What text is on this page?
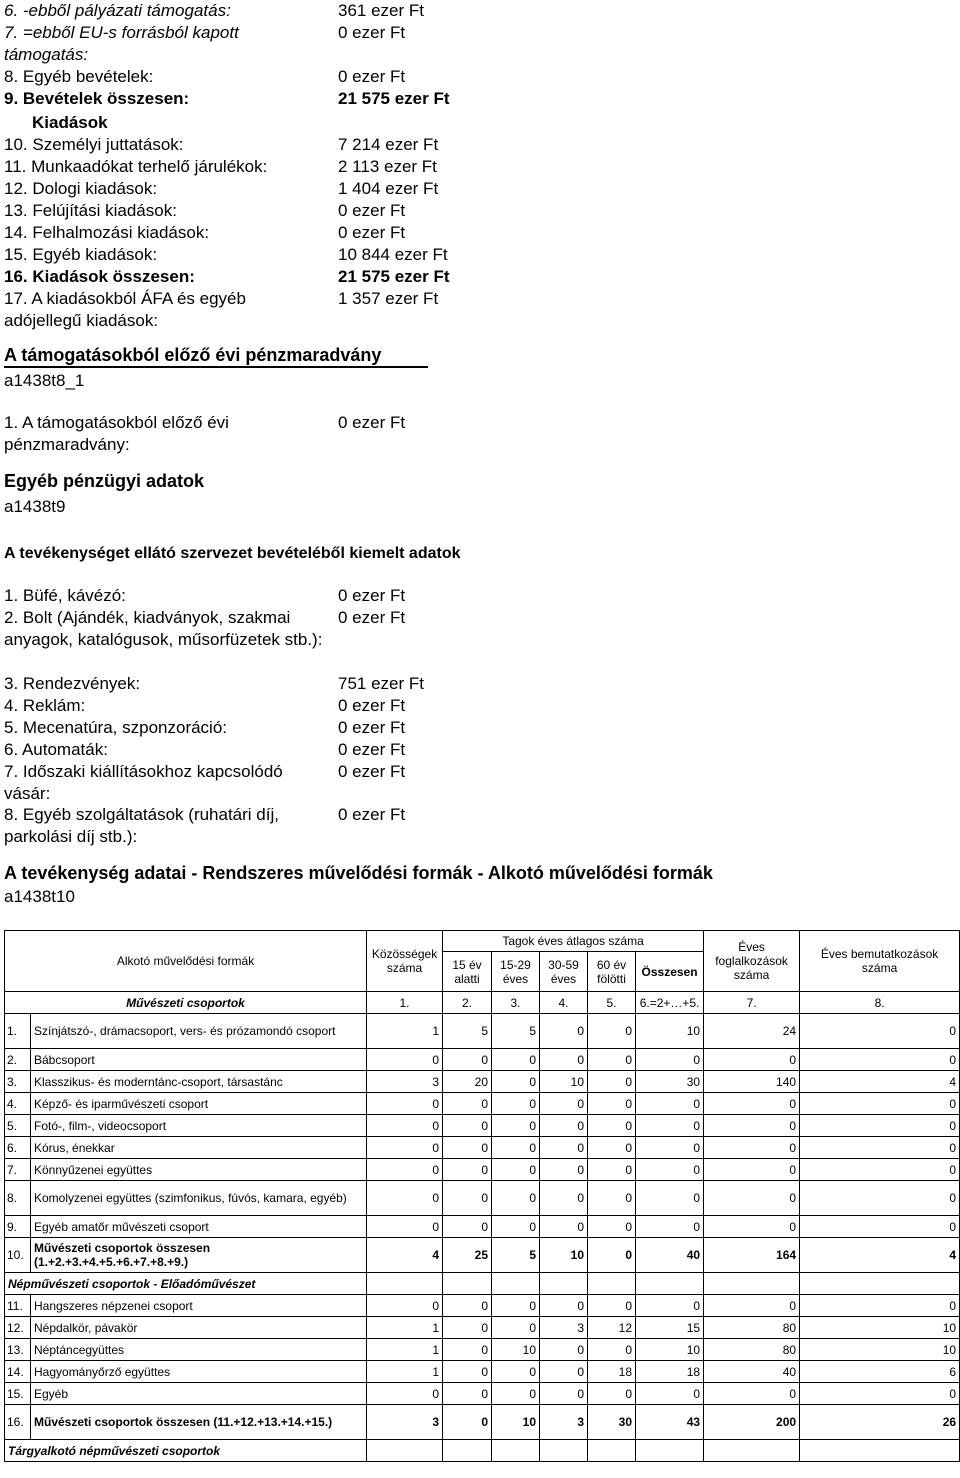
6. -ebből pályázati támogatás:	361 ezer Ft
7. =ebből EU-s forrásból kapott támogatás:
0 ezer Ft
8. Egyéb bevételek:	0 ezer Ft
9. Bevételek összesen:	21 575 ezer Ft
Kiadások
10. Személyi juttatások:	7 214 ezer Ft
11. Munkaadókat terhelő járulékok:	2 113 ezer Ft
12. Dologi kiadások:	1 404 ezer Ft
13. Felújítási kiadások:	0 ezer Ft
14. Felhalmozási kiadások:	0 ezer Ft
15. Egyéb kiadások:	10 844 ezer Ft
16. Kiadások összesen:	21 575 ezer Ft
17. A kiadásokból ÁFA és egyéb adójellegű kiadások:
1 357 ezer Ft
A támogatásokból előző évi pénzmaradvány
a1438t8_1
1. A támogatásokból előző évi pénzmaradvány:
0 ezer Ft
Egyéb pénzügyi adatok
a1438t9
A tevékenységet ellátó szervezet bevételéből kiemelt adatok
1. Büfé, kávézó:	0 ezer Ft
2. Bolt (Ajándék, kiadványok, szakmai anyagok, katalógusok, műsorfüzetek stb.):
0 ezer Ft
3. Rendezvények:	751 ezer Ft
4. Reklám:	0 ezer Ft
5. Mecenatúra, szponzoráció:	0 ezer Ft
6. Automaták:	0 ezer Ft
7. Időszaki kiállításokhoz kapcsolódó vásár:
0 ezer Ft
8. Egyéb szolgáltatások (ruhatári díj, parkolási díj stb.):
0 ezer Ft
A tevékenység adatai - Rendszeres művelődési formák - Alkotó művelődési formák
a1438t10
Alkotó művelődési formák		Közösségek száma	Tagok éves átlagos száma					Éves foglalkozások száma	Éves bemutatkozások száma
			15 év alatti	15-29 éves	30-59 éves	60 év fölötti	Összesen		
Művészeti csoportok		1.	2.	3.	4.	5.	6.=2+…+5.	7.	8.
1.	Színjátszó-, drámacsoport, vers- és prózamondó csoport	1	5	5	0	0	10	24	0
2.	Bábcsoport	0	0	0	0	0	0	0	0
3.	Klasszikus- és moderntánc-csoport, társastánc	3	20	0	10	0	30	140	4
4.	Képző- és iparművészeti csoport	0	0	0	0	0	0	0	0
5.	Fotó-, film-, videocsoport	0	0	0	0	0	0	0	0
6.	Kórus, énekkar	0	0	0	0	0	0	0	0
7.	Könnyűzenei együttes	0	0	0	0	0	0	0	0
8.	Komolyzenei együttes (szimfonikus, fúvós, kamara, egyéb)	0	0	0	0	0	0	0	0
9.	Egyéb amatőr művészeti csoport	0	0	0	0	0	0	0	0
10.	Művészeti csoportok összesen (1.+2.+3.+4.+5.+6.+7.+8.+9.)	4	25	5	10	0	40	164	4
Népművészeti csoportok - Előadóművészet									
11.	Hangszeres népzenei csoport	0	0	0	0	0	0	0	0
12.	Népdalkör, pávakör	1	0	0	3	12	15	80	10
13.	Néptáncegyüttes	1	0	10	0	0	10	80	10
14.	Hagyományőrző együttes	1	0	0	0	18	18	40	6
15.	Egyéb	0	0	0	0	0	0	0	0
16.	Művészeti csoportok összesen (11.+12.+13.+14.+15.)	3	0	10	3	30	43	200	26
Tárgyalkotó népművészeti csoportok									
